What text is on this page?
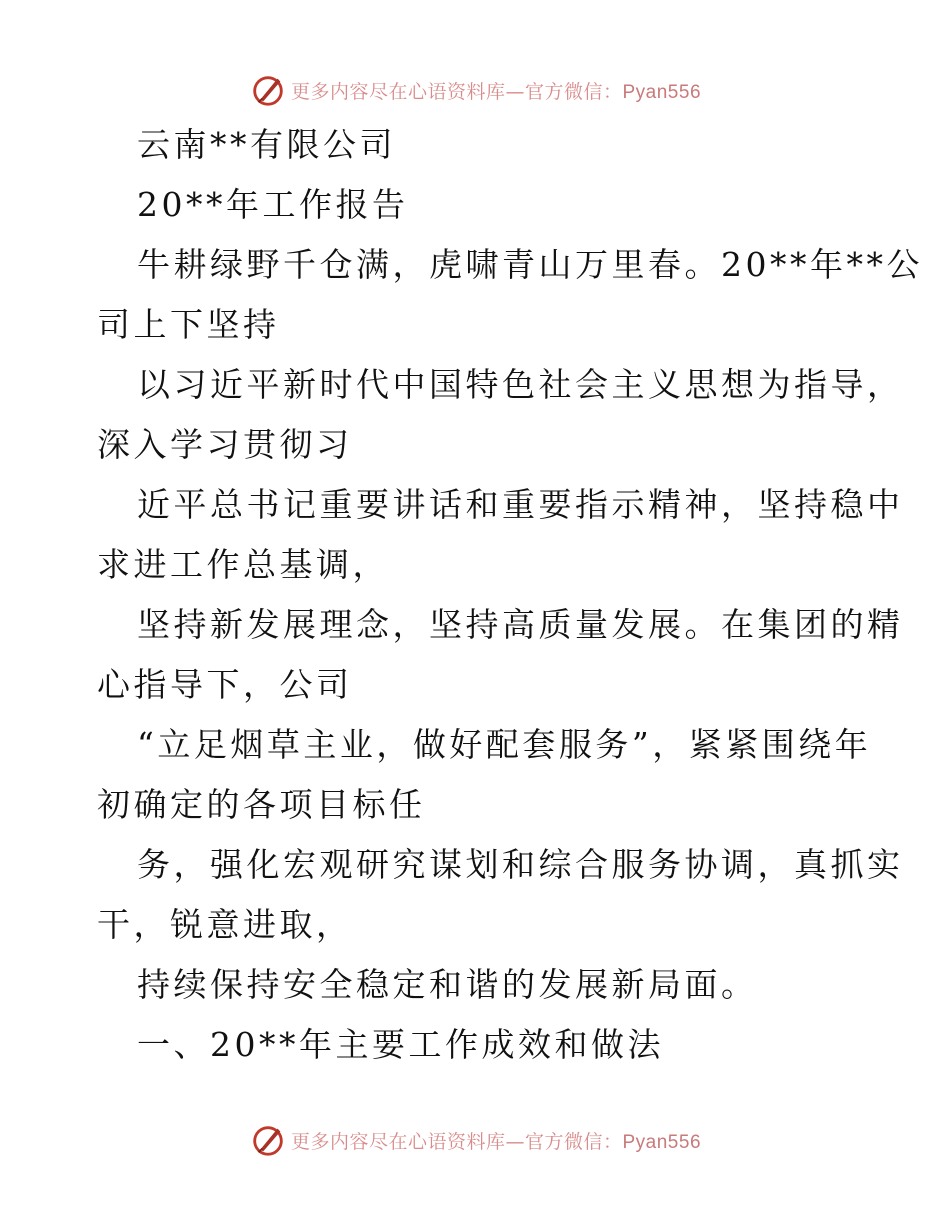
更多内容尽在心语资料库—官方微信：Pyan556
云南**有限公司
20**年工作报告
牛耕绿野千仓满，虎啸青山万里春。20**年**公
司上下坚持
以习近平新时代中国特色社会主义思想为指导，
深入学习贯彻习
近平总书记重要讲话和重要指示精神，坚持稳中
求进工作总基调，
坚持新发展理念，坚持高质量发展。在集团的精
心指导下，公司
“立足烟草主业，做好配套服务”，紧紧围绕年
初确定的各项目标任
务，强化宏观研究谋划和综合服务协调，真抓实
干，锐意进取，
持续保持安全稳定和谐的发展新局面。
一、20**年主要工作成效和做法
更多内容尽在心语资料库—官方微信：Pyan556
